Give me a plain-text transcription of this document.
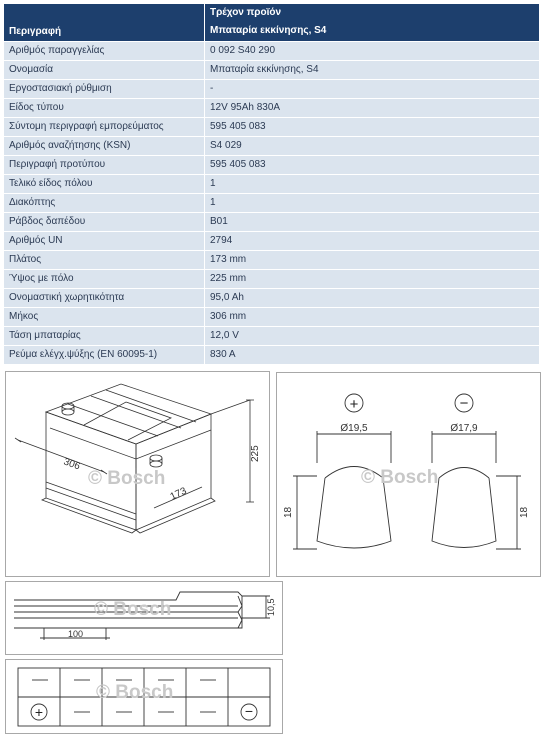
Περιγραφή	Τρέχον προϊόν
Μπαταρία εκκίνησης, S4

Αριθμός παραγγελίας	0 092 S40 290
Ονομασία	Μπαταρία εκκίνησης, S4
Εργοστασιακή ρύθμιση	-
Είδος τύπου	12V 95Ah 830A
Σύντομη περιγραφή εμπορεύματος	595 405 083
Αριθμός αναζήτησης (KSN)	S4 029
Περιγραφή προτύπου	595 405 083
Τελικό είδος πόλου	1
Διακόπτης	1
Ράβδος δαπέδου	B01
Αριθμός UN	2794
Πλάτος	173 mm
Ύψος με πόλο	225 mm
Ονομαστική χωρητικότητα	95,0 Ah
Μήκος	306 mm
Τάση μπαταρίας	12,0 V
Ρεύμα ελέγχ.ψύξης (EN 60095-1)	830 A
306
173
225
© Bosch
+	−
Ø19,5	Ø17,9
18	18
© Bosch
100
10,5
© Bosch
+	−
© Bosch
